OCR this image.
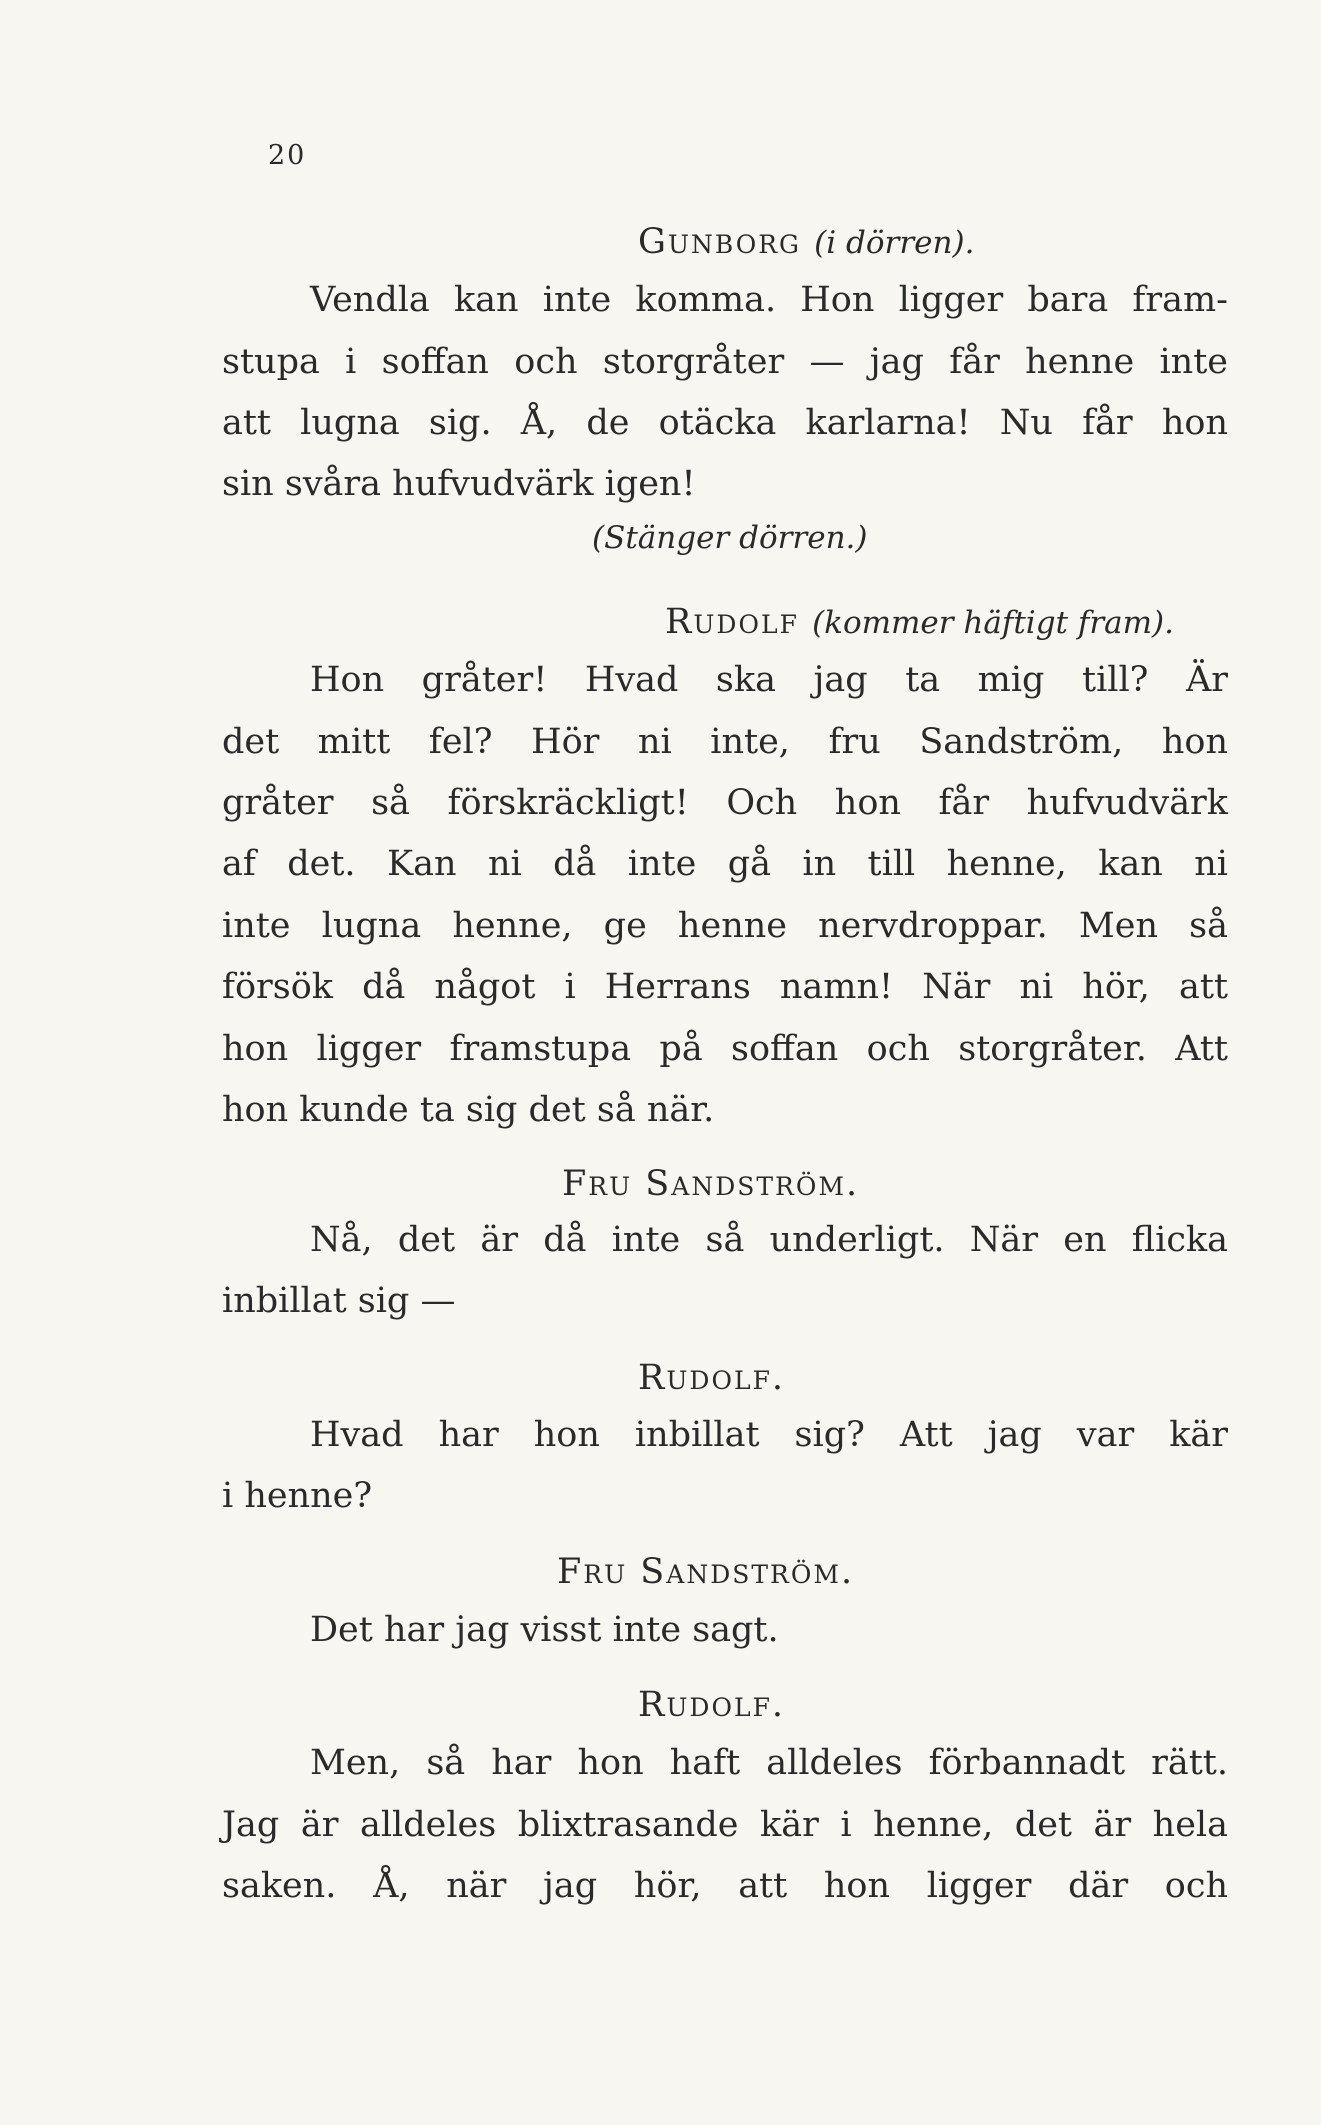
20
Gunborg (i dörren).
Vendla kan inte komma. Hon ligger bara fram-
stupa i soffan och storgråter — jag får henne inte
att lugna sig. Å, de otäcka karlarna! Nu får hon
sin svåra hufvudvärk igen!
(Stänger dörren.)
Rudolf (kommer häftigt fram).
Hon gråter! Hvad ska jag ta mig till? Är
det mitt fel? Hör ni inte, fru Sandström, hon
gråter så förskräckligt! Och hon får hufvudvärk
af det. Kan ni då inte gå in till henne, kan ni
inte lugna henne, ge henne nervdroppar. Men så
försök då något i Herrans namn! När ni hör, att
hon ligger framstupa på soffan och storgråter. Att
hon kunde ta sig det så när.
Fru Sandström.
Nå, det är då inte så underligt. När en flicka
inbillat sig —
Rudolf.
Hvad har hon inbillat sig? Att jag var kär
i henne?
Fru Sandström.
Det har jag visst inte sagt.
Rudolf.
Men, så har hon haft alldeles förbannadt rätt.
Jag är alldeles blixtrasande kär i henne, det är hela
saken. Å, när jag hör, att hon ligger där och
